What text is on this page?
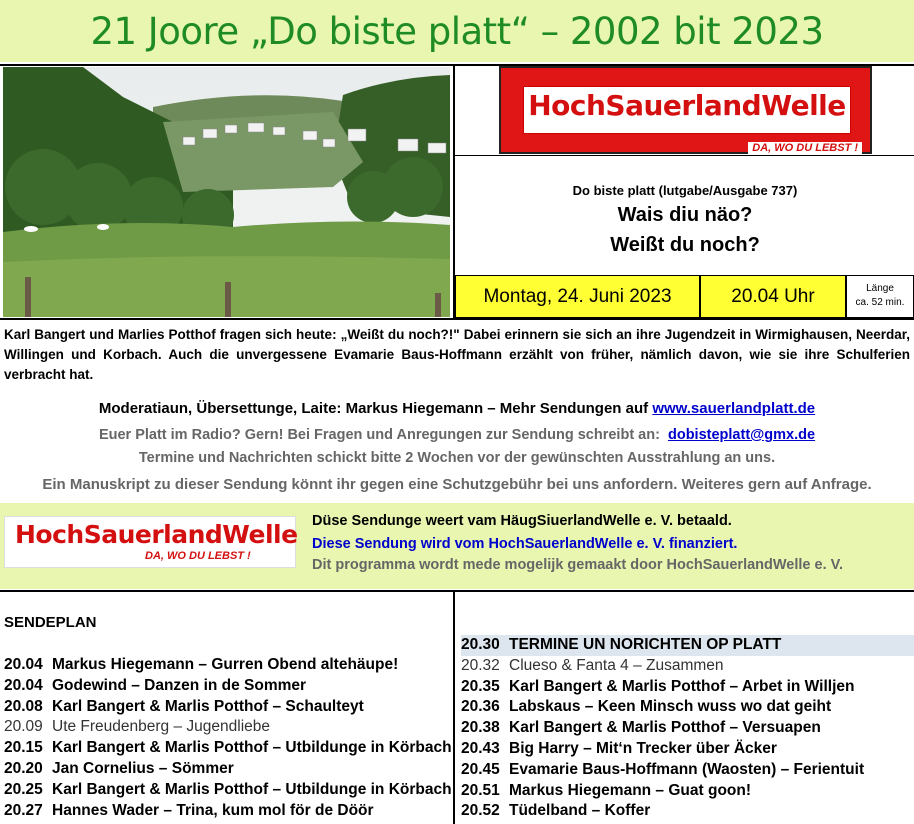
21 Joore „Do biste platt“ – 2002 bit 2023
HochSauerlandWelle
DA, WO DU LEBST !
Do biste platt (lutgabe/Ausgabe 737)
Wais diu näo?
Weißt du noch?
Montag, 24. Juni 2023	20.04 Uhr	Länge
ca. 52 min.

Karl Bangert und Marlies Potthof fragen sich heute: „Weißt du noch?!" Dabei erinnern sie sich an ihre Jugendzeit in Wirmighausen, Neerdar, Willingen und Korbach. Auch die unvergessene Evamarie Baus-Hoffmann erzählt von früher, nämlich davon, wie sie ihre Schulferien verbracht hat.

Moderatiaun, Übersettunge, Laite: Markus Hiegemann – Mehr Sendungen auf www.sauerlandplatt.de
Euer Platt im Radio? Gern! Bei Fragen und Anregungen zur Sendung schreibt an: dobisteplatt@gmx.de
Termine und Nachrichten schickt bitte 2 Wochen vor der gewünschten Ausstrahlung an uns.
Ein Manuskript zu dieser Sendung könnt ihr gegen eine Schutzgebühr bei uns anfordern. Weiteres gern auf Anfrage.
HochSauerlandWelle
DA, WO DU LEBST !
Düse Sendunge weert vam HäugSiuerlandWelle e. V. betaald.
Diese Sendung wird vom HochSauerlandWelle e. V. finanziert.
Dit programma wordt mede mogelijk gemaakt door HochSauerlandWelle e. V.
SENDEPLAN
20.04 Markus Hiegemann – Gurren Obend altehäupe!
20.04 Godewind – Danzen in de Sommer
20.08 Karl Bangert & Marlis Potthof – Schaulteyt
20.09 Ute Freudenberg – Jugendliebe
20.15 Karl Bangert & Marlis Potthof – Utbildunge in Körbach
20.20 Jan Cornelius – Sömmer
20.25 Karl Bangert & Marlis Potthof – Utbildunge in Körbach
20.27 Hannes Wader – Trina, kum mol för de Döör
20.30 TERMINE UN NORICHTEN OP PLATT
20.32 Clueso & Fanta 4 – Zusammen
20.35 Karl Bangert & Marlis Potthof – Arbet in Willjen
20.36 Labskaus – Keen Minsch wuss wo dat geiht
20.38 Karl Bangert & Marlis Potthof – Versuapen
20.43 Big Harry – Mit‘n Trecker über Äcker
20.45 Evamarie Baus-Hoffmann (Waosten) – Ferientuit
20.51 Markus Hiegemann – Guat goon!
20.52 Tüdelband – Koffer
